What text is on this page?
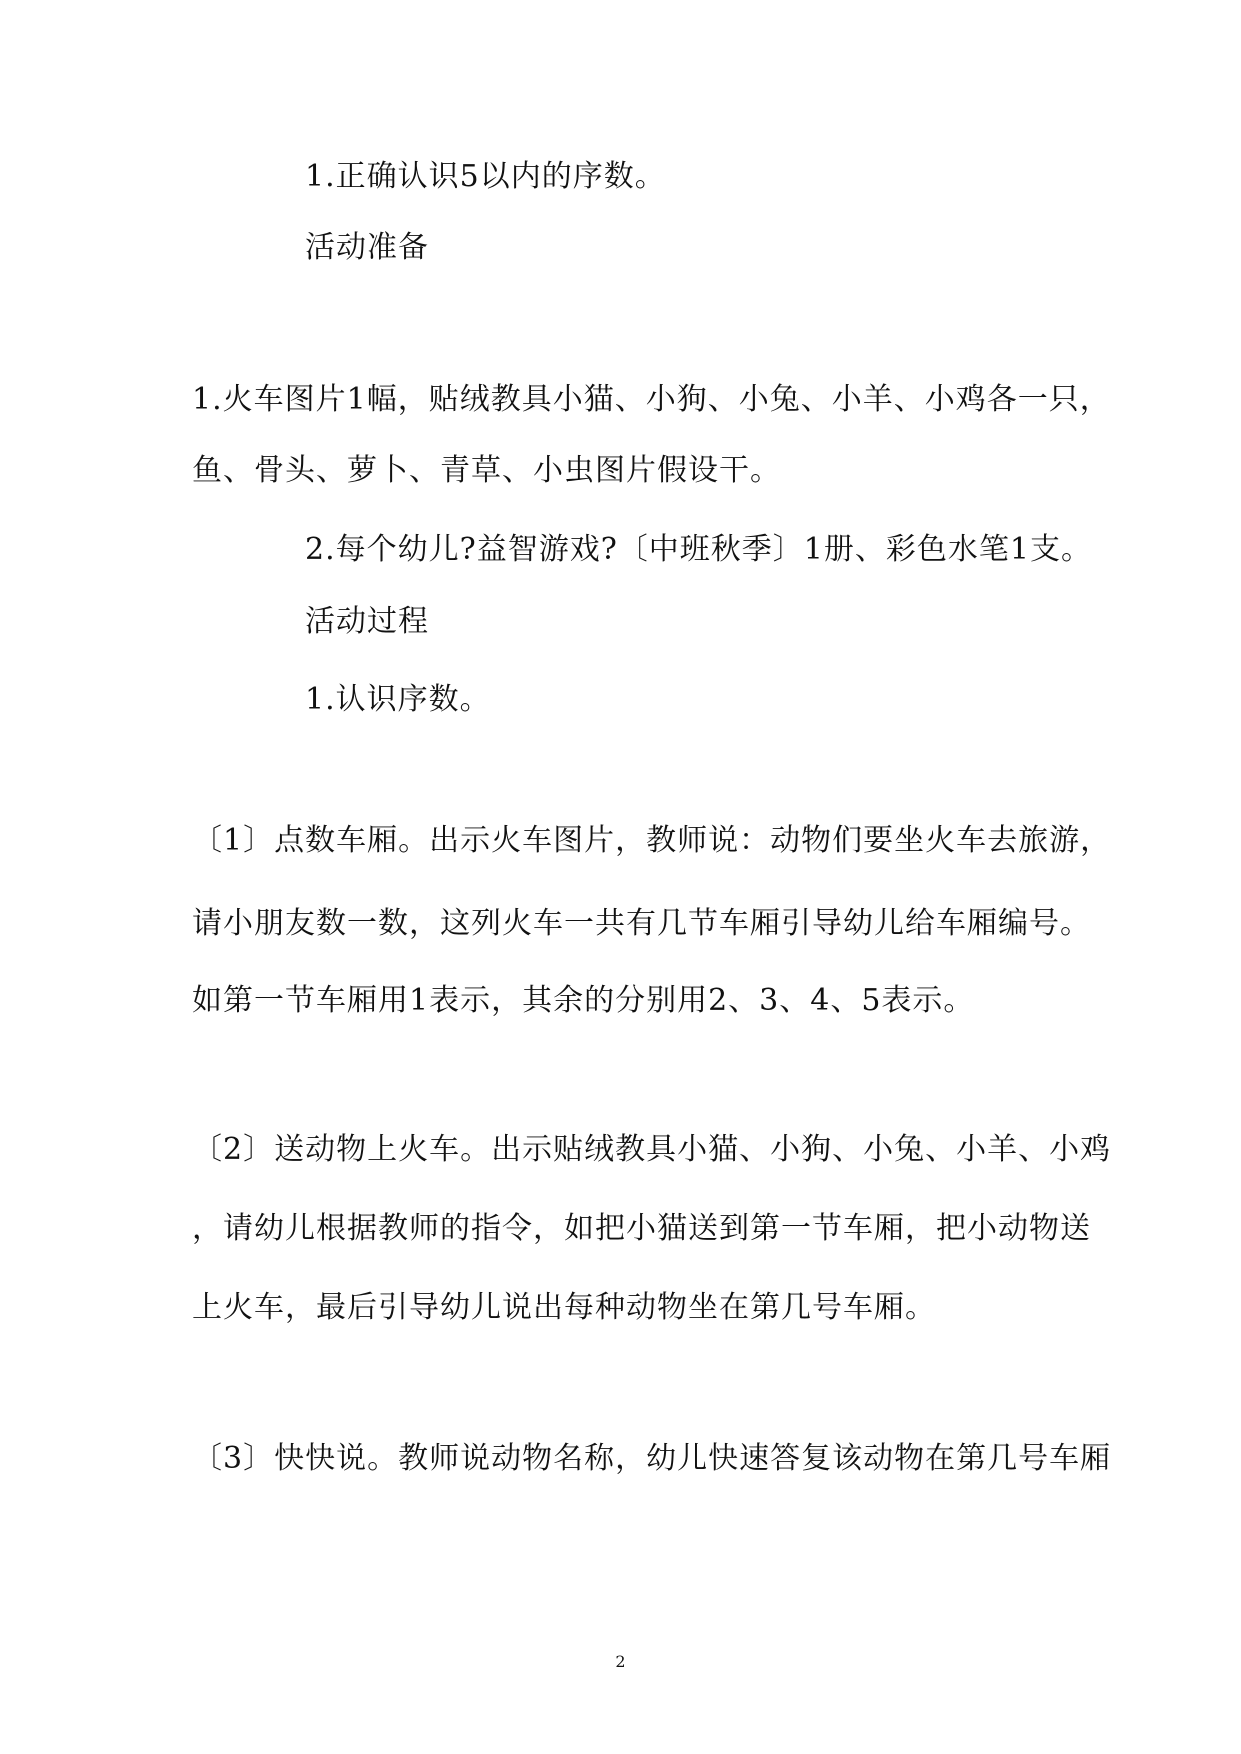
1.正确认识5以内的序数。
活动准备
1.火车图片1幅，贴绒教具小猫、小狗、小兔、小羊、小鸡各一只，
鱼、骨头、萝卜、青草、小虫图片假设干。
2.每个幼儿?益智游戏?〔中班秋季〕1册、彩色水笔1支。
活动过程
1.认识序数。
〔1〕点数车厢。出示火车图片，教师说：动物们要坐火车去旅游，
请小朋友数一数，这列火车一共有几节车厢引导幼儿给车厢编号。
如第一节车厢用1表示，其余的分别用2、3、4、5表示。
〔2〕送动物上火车。出示贴绒教具小猫、小狗、小兔、小羊、小鸡
，请幼儿根据教师的指令，如把小猫送到第一节车厢，把小动物送
上火车，最后引导幼儿说出每种动物坐在第几号车厢。
〔3〕快快说。教师说动物名称，幼儿快速答复该动物在第几号车厢
2
